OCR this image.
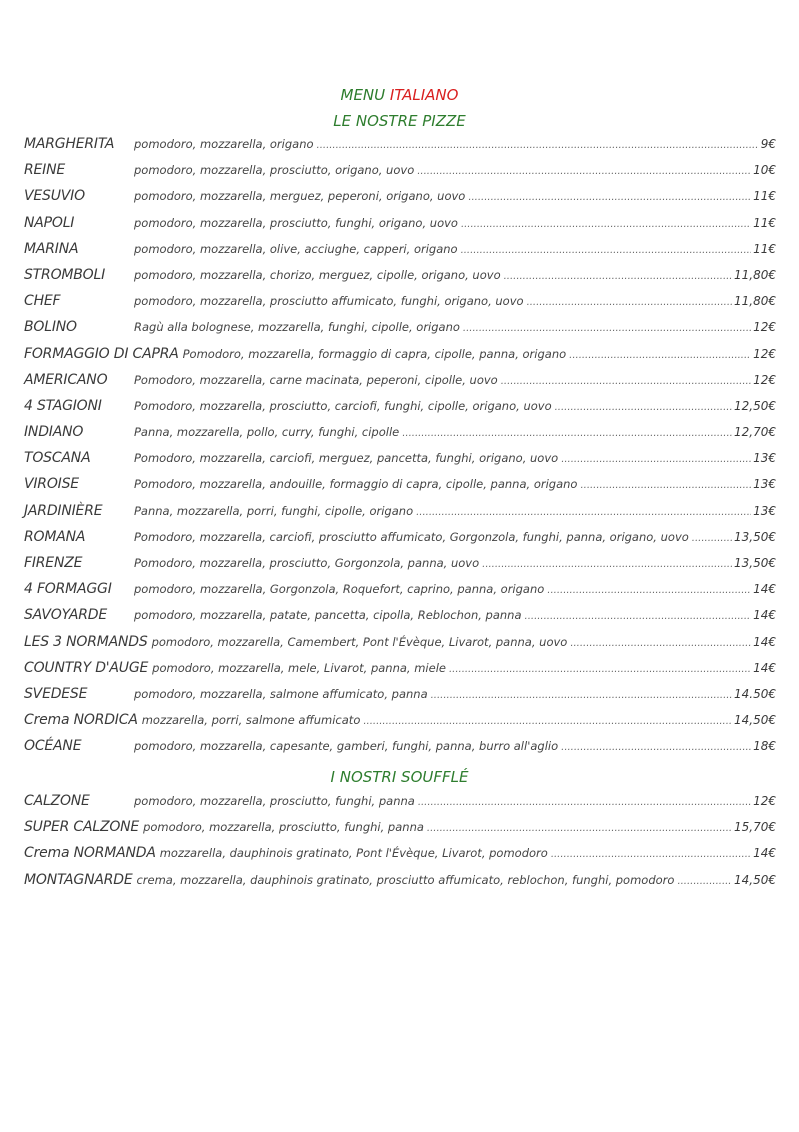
MENU ITALIANO
LE NOSTRE PIZZE
MARGHERITA	pomodoro, mozzarella, origano .....	9€
REINE	pomodoro, mozzarella, prosciutto, origano, uovo .....	10€
VESUVIO	pomodoro, mozzarella, merguez, peperoni, origano, uovo .....	11€
NAPOLI	pomodoro, mozzarella, prosciutto, funghi, origano, uovo .....	11€
MARINA	pomodoro, mozzarella, olive, acciughe, capperi, origano .....	11€
STROMBOLI	pomodoro, mozzarella, chorizo, merguez, cipolle, origano, uovo .....	11,80€
CHEF	pomodoro, mozzarella, prosciutto affumicato, funghi, origano, uovo .....	11,80€
BOLINO	Ragù alla bolognese, mozzarella, funghi, cipolle, origano .....	12€
FORMAGGIO DI CAPRA Pomodoro, mozzarella, formaggio di capra, cipolle, panna, origano .....	12€
AMERICANO	Pomodoro, mozzarella, carne macinata, peperoni, cipolle, uovo .....	12€
4 STAGIONI	Pomodoro, mozzarella, prosciutto, carciofi, funghi, cipolle, origano, uovo .....	12,50€
INDIANO	Panna, mozzarella, pollo, curry, funghi, cipolle .....	12,70€
TOSCANA	Pomodoro, mozzarella, carciofi, merguez, pancetta, funghi, origano, uovo .....	13€
VIROISE	Pomodoro, mozzarella, andouille, formaggio di capra, cipolle, panna, origano .....	13€
JARDINIÈRE	Panna, mozzarella, porri, funghi, cipolle, origano .....	13€
ROMANA	Pomodoro, mozzarella, carciofi, prosciutto affumicato, Gorgonzola, funghi, panna, origano, uovo .....	13,50€
FIRENZE	Pomodoro, mozzarella, prosciutto, Gorgonzola, panna, uovo .....	13,50€
4 FORMAGGI	pomodoro, mozzarella, Gorgonzola, Roquefort, caprino, panna, origano .....	14€
SAVOYARDE	pomodoro, mozzarella, patate, pancetta, cipolla, Reblochon, panna .....	14€
LES 3 NORMANDS pomodoro, mozzarella, Camembert, Pont l'Évèque, Livarot, panna, uovo .....	14€
COUNTRY D'AUGE pomodoro, mozzarella, mele, Livarot, panna, miele .....	14€
SVEDESE	pomodoro, mozzarella, salmone affumicato, panna .....	14.50€
Crema NORDICA mozzarella, porri, salmone affumicato .....	14,50€
OCÉANE	pomodoro, mozzarella, capesante, gamberi, funghi, panna, burro all'aglio .....	18€
I NOSTRI SOUFFLÉ
CALZONE	pomodoro, mozzarella, prosciutto, funghi, panna .....	12€
SUPER CALZONE pomodoro, mozzarella, prosciutto, funghi, panna .....	15,70€
Crema NORMANDA mozzarella, dauphinois gratinato, Pont l'Évèque, Livarot, pomodoro .....	14€
MONTAGNARDE crema, mozzarella, dauphinois gratinato, prosciutto affumicato, reblochon, funghi, pomodoro .....	14,50€
